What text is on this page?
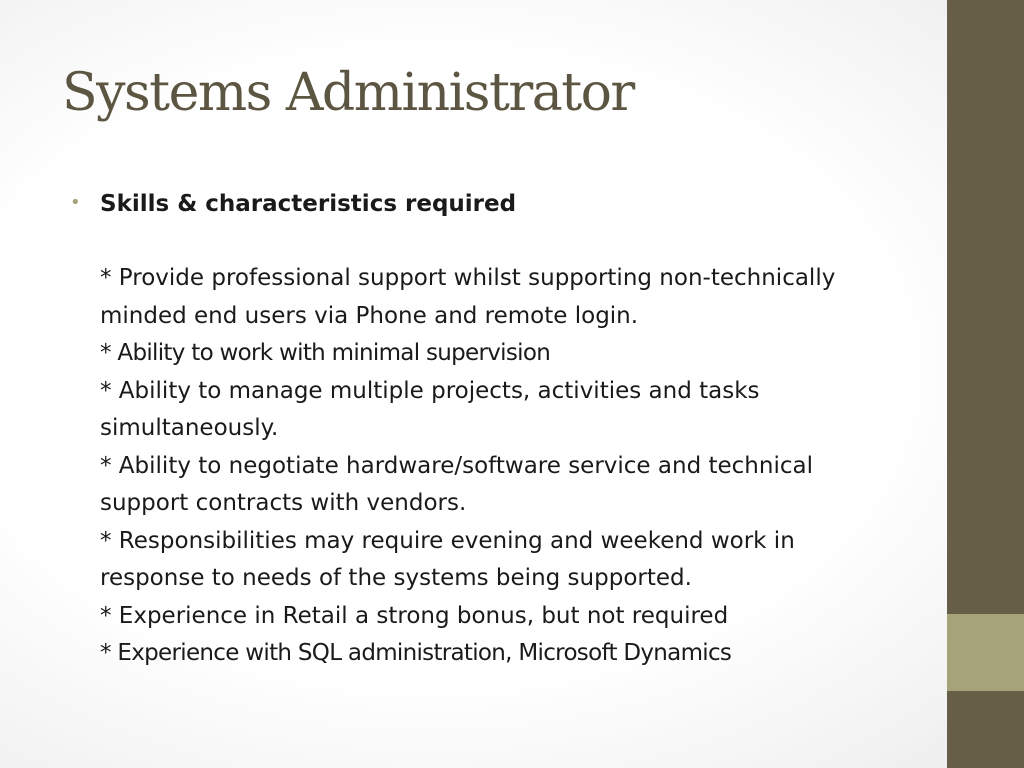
Systems Administrator
• Skills & characteristics required

* Provide professional support whilst supporting non-technically minded end users via Phone and remote login.

* Ability to work with minimal supervision

* Ability to manage multiple projects, activities and tasks simultaneously.

* Ability to negotiate hardware/software service and technical support contracts with vendors.

* Responsibilities may require evening and weekend work in response to needs of the systems being supported.

* Experience in Retail a strong bonus, but not required

* Experience with SQL administration, Microsoft Dynamics
